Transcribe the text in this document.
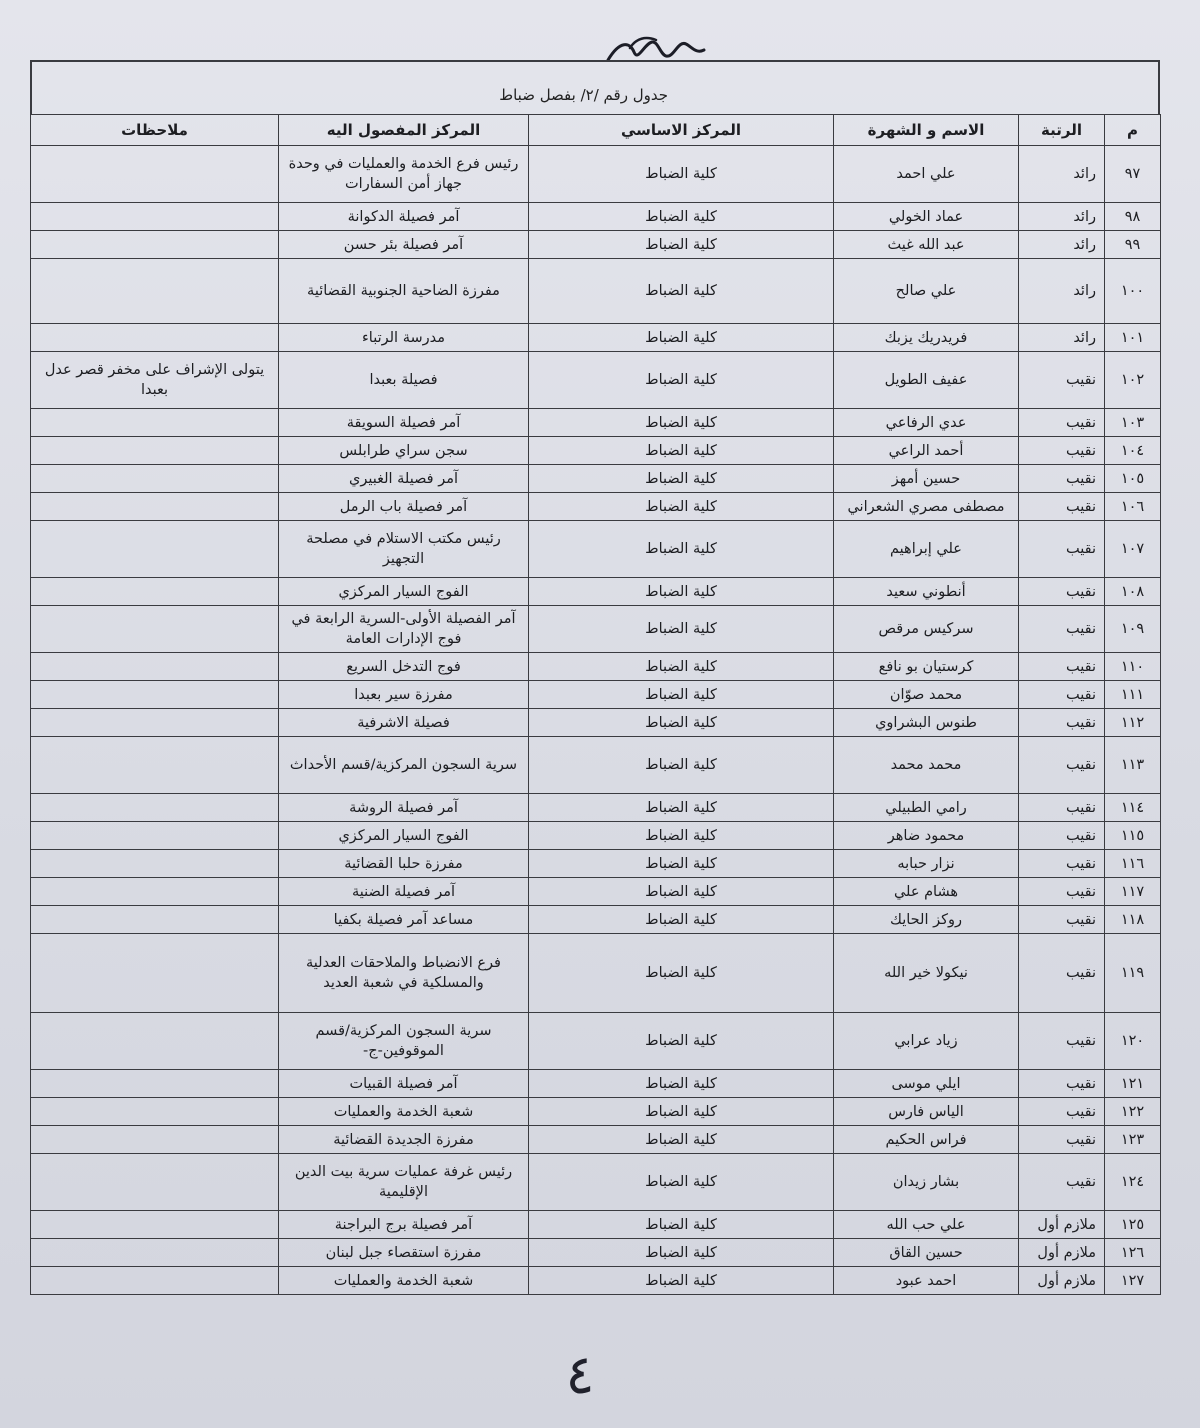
جدول رقم /٢/ بفصل ضباط
م	الرتبة	الاسم و الشهرة	المركز الاساسي	المركز المفصول اليه	ملاحظات
٩٧	رائد	علي احمد	كلية الضباط	رئيس فرع الخدمة والعمليات في وحدة جهاز أمن السفارات	
٩٨	رائد	عماد الخولي	كلية الضباط	آمر فصيلة الدكوانة	
٩٩	رائد	عبد الله غيث	كلية الضباط	آمر فصيلة بئر حسن	
١٠٠	رائد	علي صالح	كلية الضباط	مفرزة الضاحية الجنوبية القضائية	
١٠١	رائد	فريدريك يزبك	كلية الضباط	مدرسة الرتباء	
١٠٢	نقيب	عفيف الطويل	كلية الضباط	فصيلة بعبدا	يتولى الإشراف على مخفر قصر عدل بعبدا
١٠٣	نقيب	عدي الرفاعي	كلية الضباط	آمر فصيلة السويقة	
١٠٤	نقيب	أحمد الراعي	كلية الضباط	سجن سراي طرابلس	
١٠٥	نقيب	حسين أمهز	كلية الضباط	آمر فصيلة الغبيري	
١٠٦	نقيب	مصطفى مصري الشعراني	كلية الضباط	آمر فصيلة باب الرمل	
١٠٧	نقيب	علي إبراهيم	كلية الضباط	رئيس مكتب الاستلام في مصلحة التجهيز	
١٠٨	نقيب	أنطوني سعيد	كلية الضباط	الفوج السيار المركزي	
١٠٩	نقيب	سركيس مرقص	كلية الضباط	آمر الفصيلة الأولى-السرية الرابعة في فوج الإدارات العامة	
١١٠	نقيب	كرستيان بو نافع	كلية الضباط	فوج التدخل السريع	
١١١	نقيب	محمد صوّان	كلية الضباط	مفرزة سير بعبدا	
١١٢	نقيب	طنوس البشراوي	كلية الضباط	فصيلة الاشرفية	
١١٣	نقيب	محمد محمد	كلية الضباط	سرية السجون المركزية/قسم الأحداث	
١١٤	نقيب	رامي الطبيلي	كلية الضباط	آمر فصيلة الروشة	
١١٥	نقيب	محمود ضاهر	كلية الضباط	الفوج السيار المركزي	
١١٦	نقيب	نزار حبابه	كلية الضباط	مفرزة حلبا القضائية	
١١٧	نقيب	هشام علي	كلية الضباط	آمر فصيلة الضنية	
١١٨	نقيب	روكز الحايك	كلية الضباط	مساعد آمر فصيلة بكفيا	
١١٩	نقيب	نيكولا خير الله	كلية الضباط	فرع الانضباط والملاحقات العدلية والمسلكية في شعبة العديد	
١٢٠	نقيب	زياد عرابي	كلية الضباط	سرية السجون المركزية/قسم الموقوفين-ج-	
١٢١	نقيب	ايلي موسى	كلية الضباط	آمر فصيلة القبيات	
١٢٢	نقيب	الياس فارس	كلية الضباط	شعبة الخدمة والعمليات	
١٢٣	نقيب	فراس الحكيم	كلية الضباط	مفرزة الجديدة القضائية	
١٢٤	نقيب	بشار زيدان	كلية الضباط	رئيس غرفة عمليات سرية بيت الدين الإقليمية	
١٢٥	ملازم أول	علي حب الله	كلية الضباط	آمر فصيلة برج البراجنة	
١٢٦	ملازم أول	حسين القاق	كلية الضباط	مفرزة استقصاء جبل لبنان	
١٢٧	ملازم أول	احمد عبود	كلية الضباط	شعبة الخدمة والعمليات	
٤
